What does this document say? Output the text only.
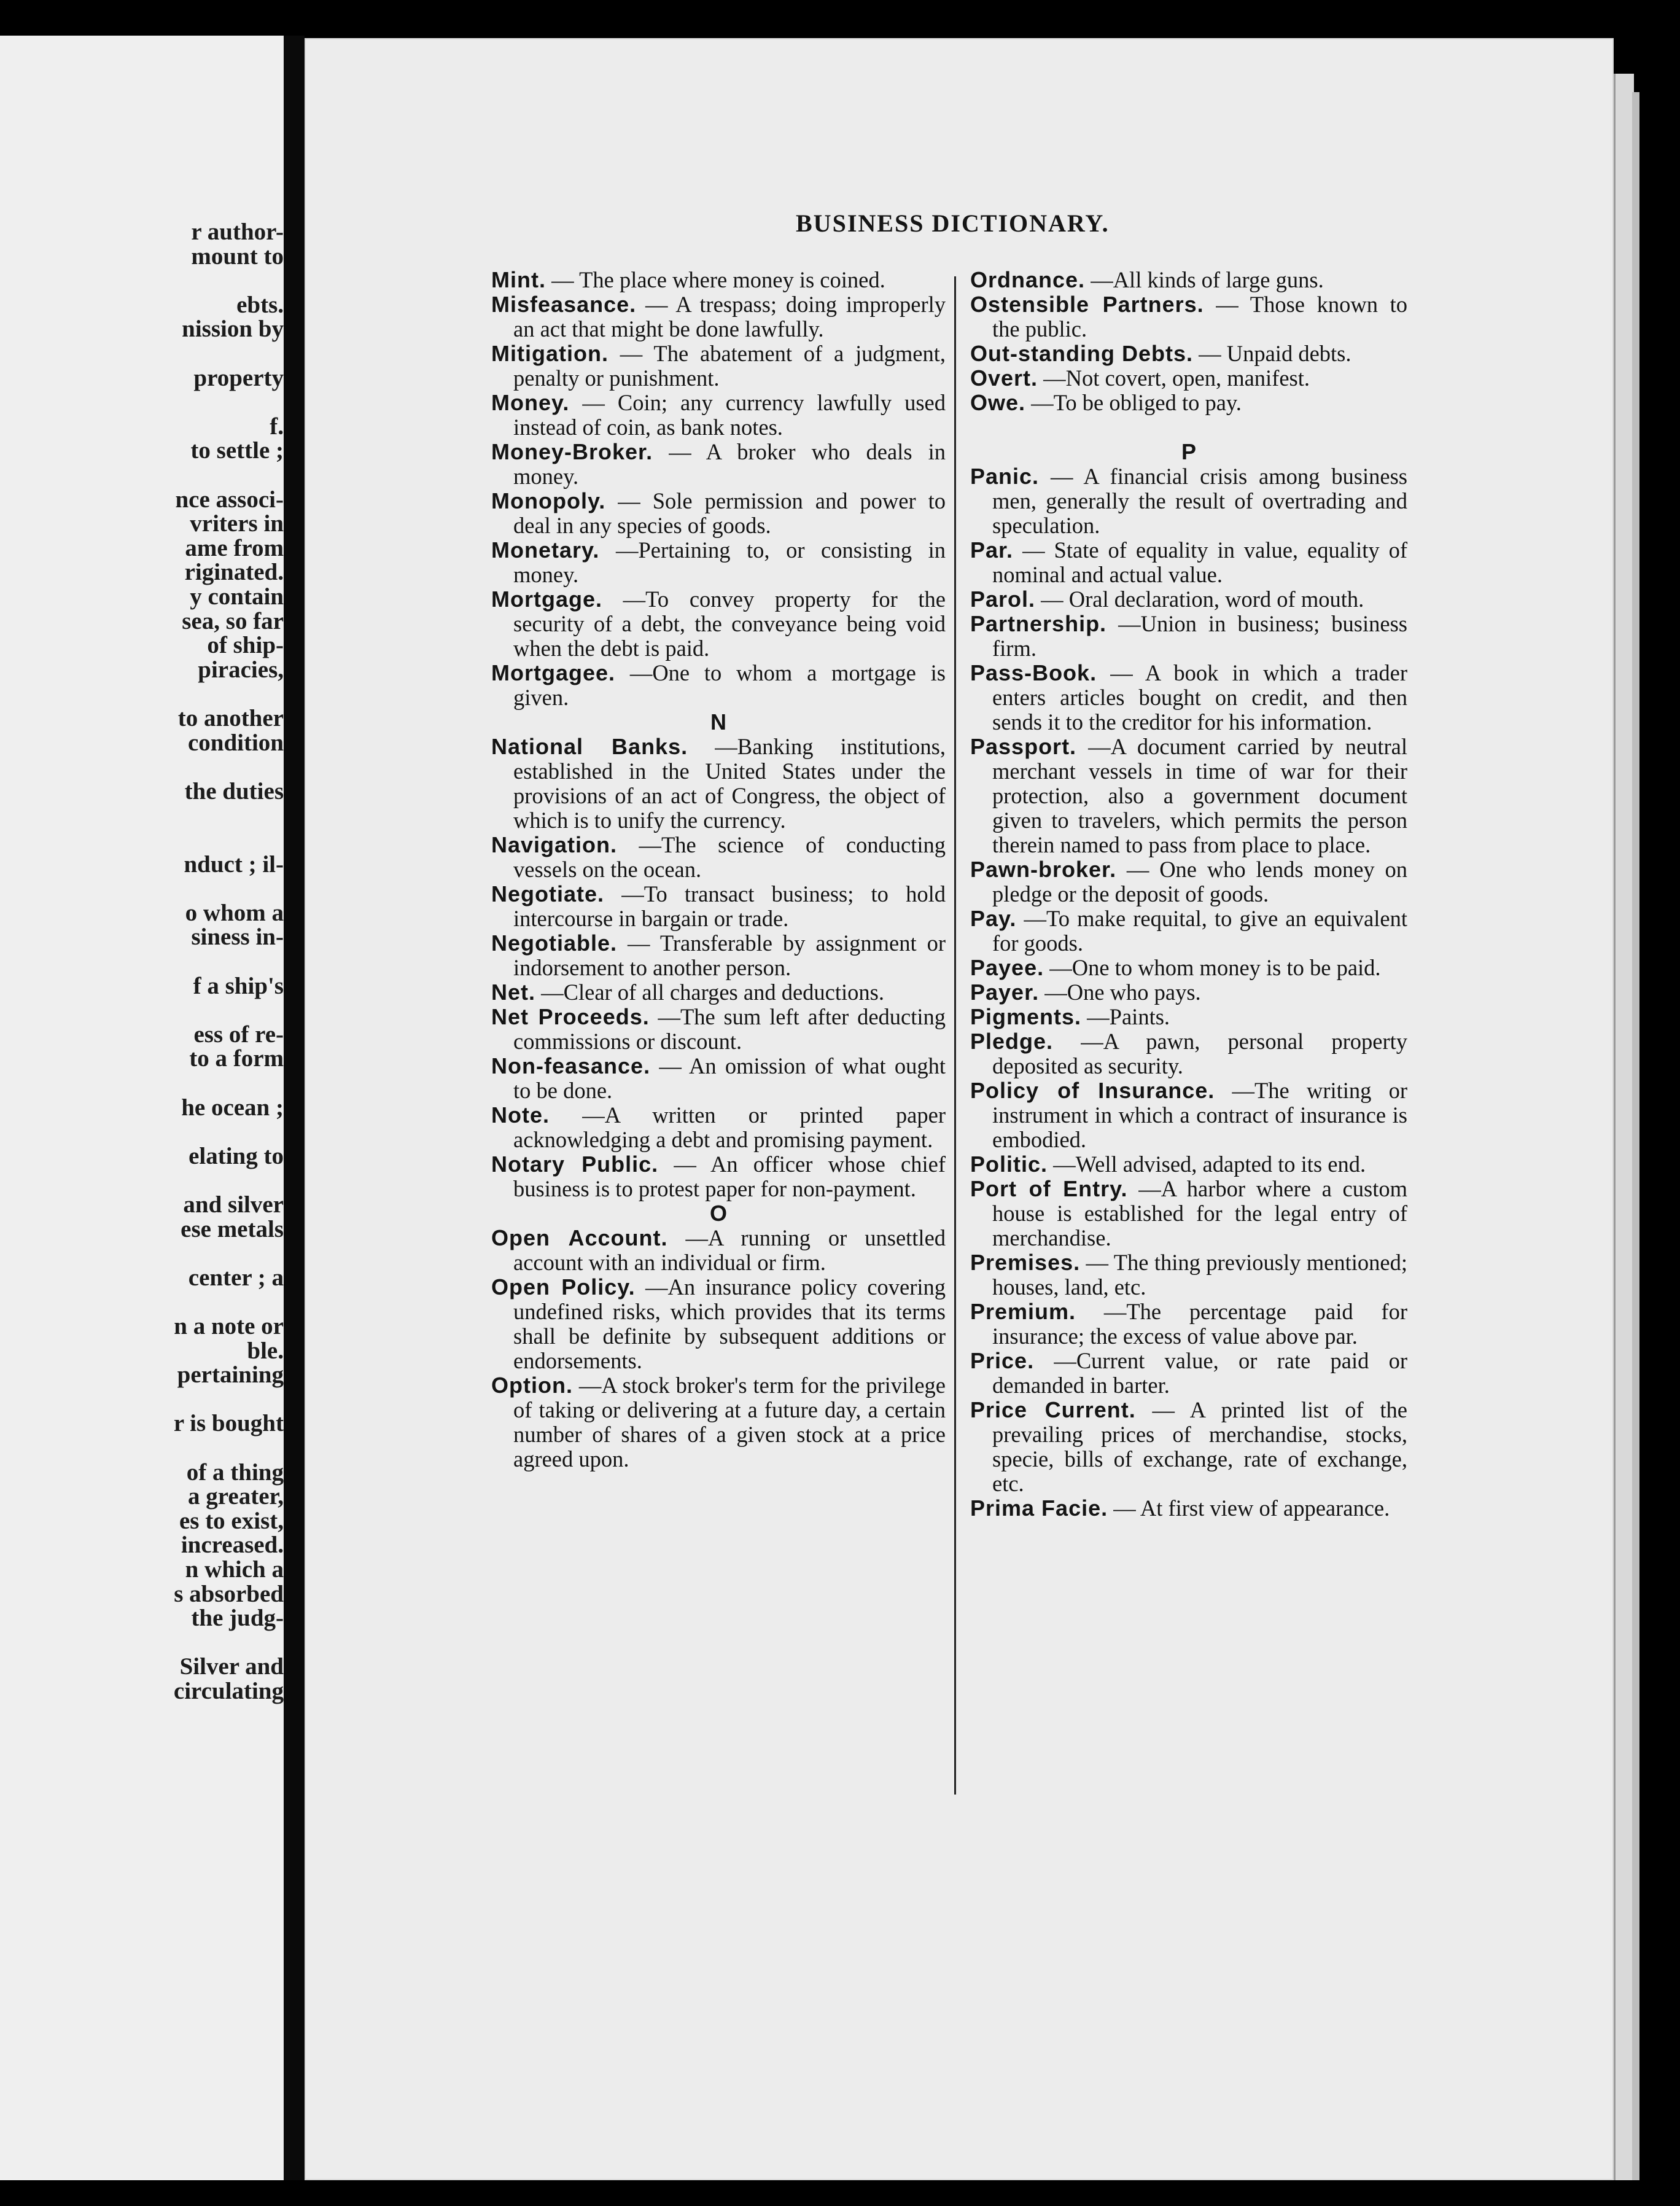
r author-
mount to
ebts.
nission by
property
f.
to settle ;
nce associ-
vriters in
ame from
riginated.
y contain
sea, so far
of ship-
piracies,
to another
condition
the duties
nduct ; il-
o whom a
siness in-
f a ship's
ess of re-
to a form
he ocean ;
elating to
and silver
ese metals
center ; a
n a note or
ble.
pertaining
r is bought
of a thing
a greater,
es to exist,
increased.
n which a
s absorbed
the judg-
Silver and
circulating
BUSINESS DICTIONARY.

Mint. — The place where money is coined.

Misfeasance. — A trespass; doing improperly an act that might be done lawfully.

Mitigation. — The abatement of a judgment, penalty or punishment.

Money. — Coin; any currency lawfully used instead of coin, as bank notes.

Money-Broker. — A broker who deals in money.

Monopoly. — Sole permission and power to deal in any species of goods.

Monetary. —Pertaining to, or consisting in money.

Mortgage. —To convey property for the security of a debt, the conveyance being void when the debt is paid.

Mortgagee. —One to whom a mortgage is given.

N

National Banks. —Banking institutions, established in the United States under the provisions of an act of Congress, the object of which is to unify the currency.

Navigation. —The science of conducting vessels on the ocean.

Negotiate. —To transact business; to hold intercourse in bargain or trade.

Negotiable. — Transferable by assignment or indorsement to another person.

Net. —Clear of all charges and deductions.

Net Proceeds. —The sum left after deducting commissions or discount.

Non-feasance. — An omission of what ought to be done.

Note. —A written or printed paper acknowledging a debt and promising payment.

Notary Public. — An officer whose chief business is to protest paper for non-payment.

O

Open Account. —A running or unsettled account with an individual or firm.

Open Policy. —An insurance policy covering undefined risks, which provides that its terms shall be definite by subsequent additions or endorsements.

Option. —A stock broker's term for the privilege of taking or delivering at a future day, a certain number of shares of a given stock at a price agreed upon.

Ordnance. —All kinds of large guns.

Ostensible Partners. — Those known to the public.

Out-standing Debts. — Unpaid debts.

Overt. —Not covert, open, manifest.

Owe. —To be obliged to pay.

P

Panic. — A financial crisis among business men, generally the result of overtrading and speculation.

Par. — State of equality in value, equality of nominal and actual value.

Parol. — Oral declaration, word of mouth.

Partnership. —Union in business; business firm.

Pass-Book. — A book in which a trader enters articles bought on credit, and then sends it to the creditor for his information.

Passport. —A document carried by neutral merchant vessels in time of war for their protection, also a government document given to travelers, which permits the person therein named to pass from place to place.

Pawn-broker. — One who lends money on pledge or the deposit of goods.

Pay. —To make requital, to give an equivalent for goods.

Payee. —One to whom money is to be paid.

Payer. —One who pays.

Pigments. —Paints.

Pledge. —A pawn, personal property deposited as security.

Policy of Insurance. —The writing or instrument in which a contract of insurance is embodied.

Politic. —Well advised, adapted to its end.

Port of Entry. —A harbor where a custom house is established for the legal entry of merchandise.

Premises. — The thing previously mentioned; houses, land, etc.

Premium. —The percentage paid for insurance; the excess of value above par.

Price. —Current value, or rate paid or demanded in barter.

Price Current. — A printed list of the prevailing prices of merchandise, stocks, specie, bills of exchange, rate of exchange, etc.

Prima Facie. — At first view of appearance.
